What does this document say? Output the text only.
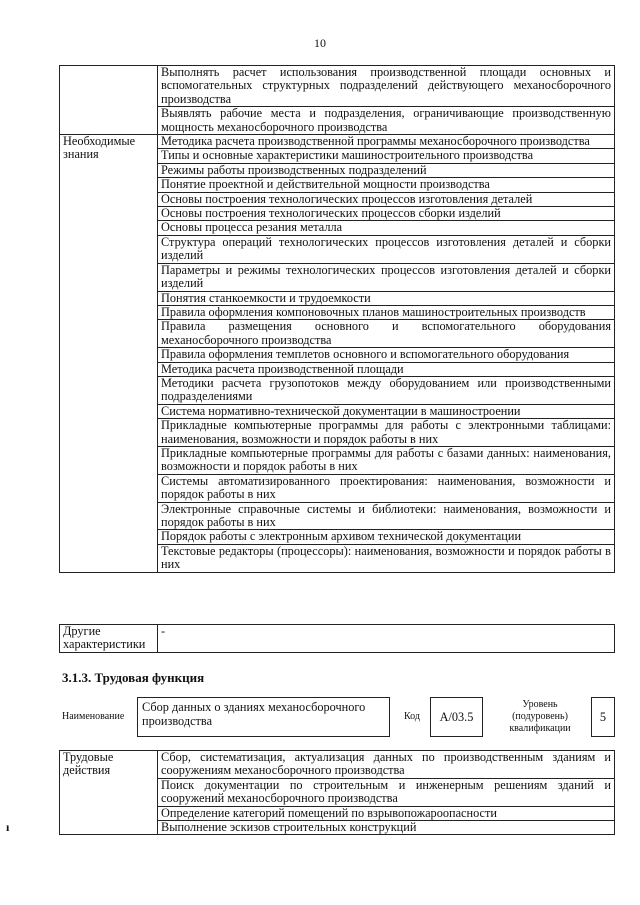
10
	Выполнять расчет использования производственной площади основных и вспомогательных структурных подразделений действующего механосборочного производства
	Выявлять рабочие места и подразделения, ограничивающие производственную мощность механосборочного производства
Необходимые знания	Методика расчета производственной программы механосборочного производства
	Типы и основные характеристики машиностроительного производства
	Режимы работы производственных подразделений
	Понятие проектной и действительной мощности производства
	Основы построения технологических процессов изготовления деталей
	Основы построения технологических процессов сборки изделий
	Основы процесса резания металла
	Структура операций технологических процессов изготовления деталей и сборки изделий
	Параметры и режимы технологических процессов изготовления деталей и сборки изделий
	Понятия станкоемкости и трудоемкости
	Правила оформления компоновочных планов машиностроительных производств
	Правила размещения основного и вспомогательного оборудования механосборочного производства
	Правила оформления темплетов основного и вспомогательного оборудования
	Методика расчета производственной площади
	Методики расчета грузопотоков между оборудованием или производственными подразделениями
	Система нормативно-технической документации в машиностроении
	Прикладные компьютерные программы для работы с электронными таблицами: наименования, возможности и порядок работы в них
	Прикладные компьютерные программы для работы с базами данных: наименования, возможности и порядок работы в них
	Системы автоматизированного проектирования: наименования, возможности и порядок работы в них
	Электронные справочные системы и библиотеки: наименования, возможности и порядок работы в них
	Порядок работы с электронным архивом технической документации
	Текстовые редакторы (процессоры): наименования, возможности и порядок работы в них
Другие характеристики	-
3.1.3. Трудовая функция
Наименование
Сбор данных о зданиях механосборочного производства	Код	A/03.5
Уровень (подуровень) квалификации
5
Трудовые действия	Сбор, систематизация, актуализация данных по производственным зданиям и сооружениям механосборочного производства
Поиск документации по строительным и инженерным решениям зданий и сооружений механосборочного производства
Определение категорий помещений по взрывопожароопасности
Выполнение эскизов строительных конструкций
ı
